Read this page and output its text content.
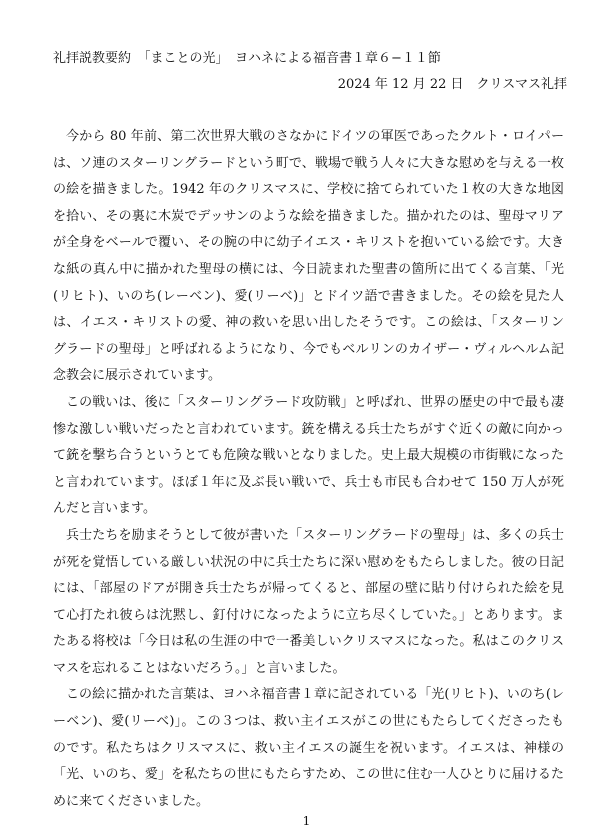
礼拝説教要約　「まことの光」　ヨハネによる福音書１章６−１１節
2024 年 12 月 22 日　クリスマス礼拝

今から 80 年前、第二次世界大戦のさなかにドイツの軍医であったクルト・ロイパーは、ソ連のスターリングラードという町で、戦場で戦う人々に大きな慰めを与える一枚の絵を描きました。1942 年のクリスマスに、学校に捨てられていた１枚の大きな地図を拾い、その裏に木炭でデッサンのような絵を描きました。描かれたのは、聖母マリアが全身をベールで覆い、その腕の中に幼子イエス・キリストを抱いている絵です。大きな紙の真ん中に描かれた聖母の横には、今日読まれた聖書の箇所に出てくる言葉、「光(リヒト)、いのち(レーベン)、愛(リーベ)」とドイツ語で書きました。その絵を見た人は、イエス・キリストの愛、神の救いを思い出したそうです。この絵は、「スターリングラードの聖母」と呼ばれるようになり、今でもベルリンのカイザー・ヴィルヘルム記念教会に展示されています。

この戦いは、後に「スターリングラード攻防戦」と呼ばれ、世界の歴史の中で最も凄惨な激しい戦いだったと言われています。銃を構える兵士たちがすぐ近くの敵に向かって銃を撃ち合うというとても危険な戦いとなりました。史上最大規模の市街戦になったと言われています。ほぼ１年に及ぶ長い戦いで、兵士も市民も合わせて 150 万人が死んだと言います。

兵士たちを励まそうとして彼が書いた「スターリングラードの聖母」は、多くの兵士が死を覚悟している厳しい状況の中に兵士たちに深い慰めをもたらしました。彼の日記には、「部屋のドアが開き兵士たちが帰ってくると、部屋の壁に貼り付けられた絵を見て心打たれ彼らは沈黙し、釘付けになったように立ち尽くしていた。」とあります。またある将校は「今日は私の生涯の中で一番美しいクリスマスになった。私はこのクリスマスを忘れることはないだろう。」と言いました。

この絵に描かれた言葉は、ヨハネ福音書１章に記されている「光(リヒト)、いのち(レーベン)、愛(リーベ)」。この３つは、救い主イエスがこの世にもたらしてくださったものです。私たちはクリスマスに、救い主イエスの誕生を祝います。イエスは、神様の「光、いのち、愛」を私たちの世にもたらすため、この世に住む一人ひとりに届けるために来てくださいました。

1
